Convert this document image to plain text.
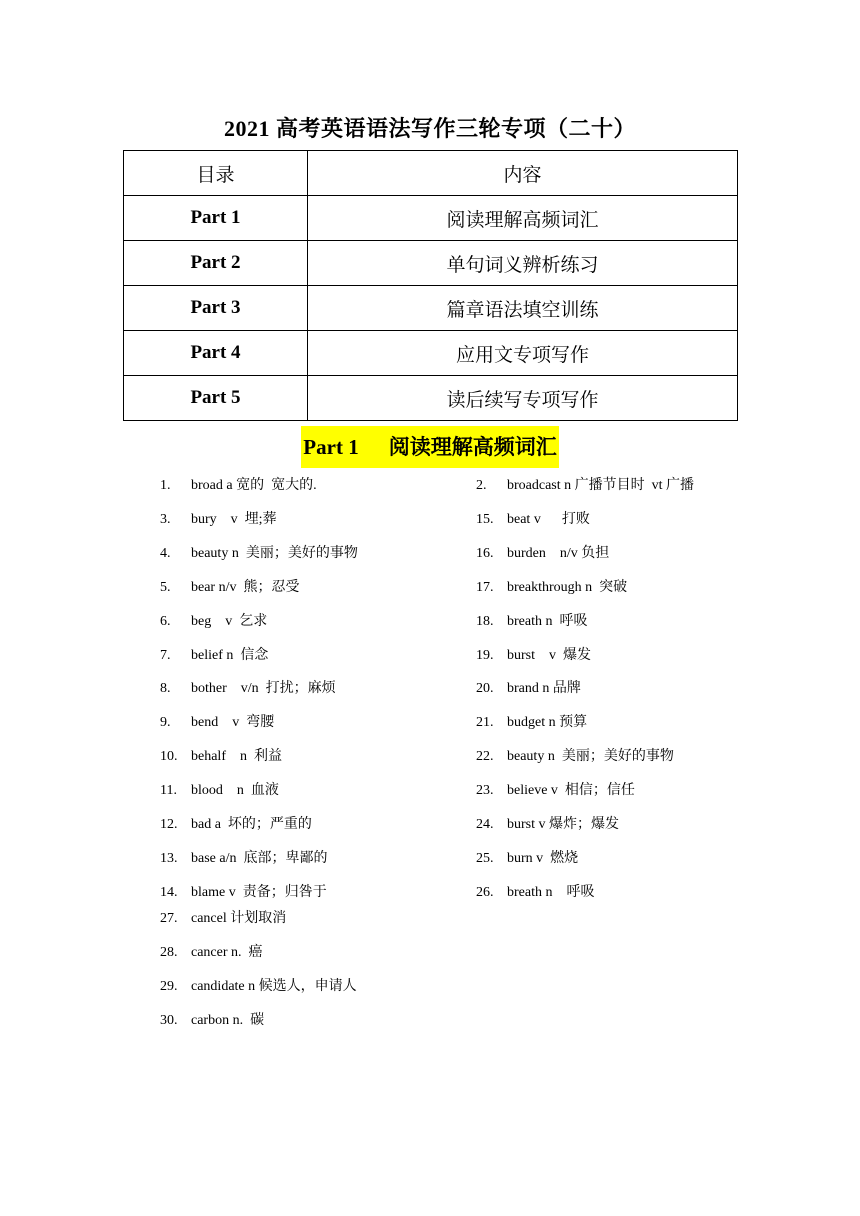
2021 高考英语语法写作三轮专项（二十）
目录	内容
Part 1	阅读理解高频词汇
Part 2	单句词义辨析练习
Part 3	篇章语法填空训练
Part 4	应用文专项写作
Part 5	读后续写专项写作
Part 1 阅读理解高频词汇
1. broad a 宽的  宽大的.
3. bury    v  埋;葬
4. beauty n  美丽；美好的事物
5. bear n/v  熊；忍受
6. beg    v  乞求
7. belief n  信念
8. bother    v/n  打扰；麻烦
9. bend    v  弯腰
10. behalf    n  利益
11. blood    n  血液
12. bad a  坏的；严重的
13. base a/n  底部；卑鄙的
14. blame v  责备；归咎于
27. cancel 计划取消
28. cancer n.  癌
29. candidate n 候选人，申请人
30. carbon n.  碳
2. broadcast n 广播节目时  vt 广播
15. beat v      打败
16. burden    n/v 负担
17. breakthrough n  突破
18. breath n  呼吸
19. burst    v  爆发
20. brand n 品牌
21. budget n 预算
22. beauty n  美丽；美好的事物
23. believe v  相信；信任
24. burst v 爆炸；爆发
25. burn v  燃烧
26. breath n    呼吸
